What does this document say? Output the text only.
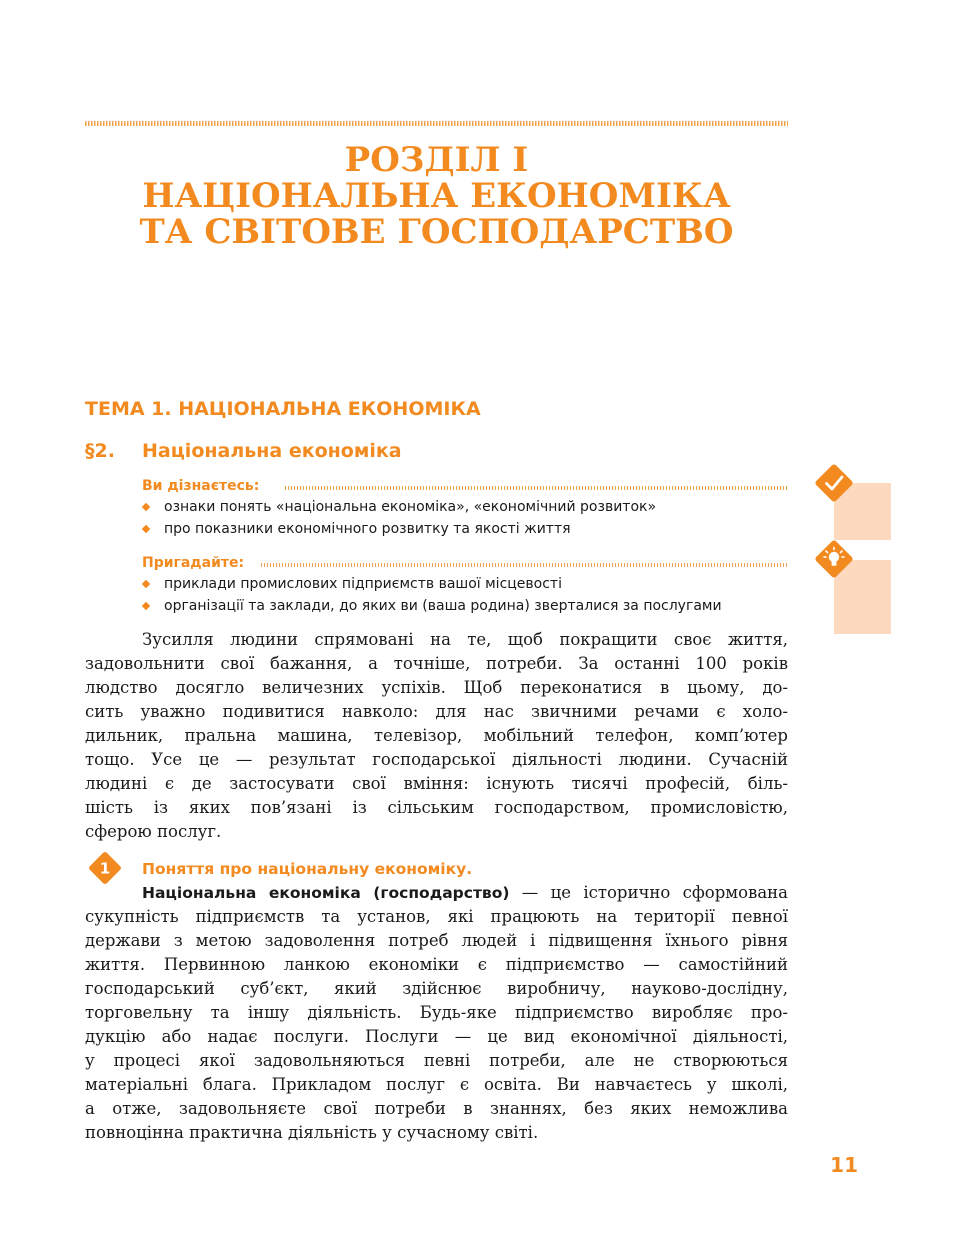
РОЗДІЛ І
НАЦІОНАЛЬНА ЕКОНОМІКА
ТА СВІТОВЕ ГОСПОДАРСТВО
ТЕМА 1. НАЦІОНАЛЬНА ЕКОНОМІКА
§2. Національна економіка
Ви дізнаєтесь:
ознаки понять «національна економіка», «економічний розвиток»
про показники економічного розвитку та якості життя
Пригадайте:
приклади промислових підприємств вашої місцевості
організації та заклади, до яких ви (ваша родина) зверталися за послугами

Зусилля людини спрямовані на те, щоб покращити своє життя,
задовольнити свої бажання, а точніше, потреби. За останні 100 років
людство досягло величезних успіхів. Щоб переконатися в цьому, до-
сить уважно подивитися навколо: для нас звичними речами є холо-
дильник, пральна машина, телевізор, мобільний телефон, комп’ютер
тощо. Усе це — результат господарської діяльності людини. Сучасній
людині є де застосувати свої вміння: існують тисячі професій, біль-
шість із яких пов’язані із сільським господарством, промисловістю,
сферою послуг.

1 Поняття про національну економіку.

Національна економіка (господарство) — це історично сформована
сукупність підприємств та установ, які працюють на території певної
держави з метою задоволення потреб людей і підвищення їхнього рівня
життя. Первинною ланкою економіки є підприємство — самостійний
господарський суб’єкт, який здійснює виробничу, науково-дослідну,
торговельну та іншу діяльність. Будь-яке підприємство виробляє про-
дукцію або надає послуги. Послуги — це вид економічної діяльності,
у процесі якої задовольняються певні потреби, але не створюються
матеріальні блага. Прикладом послуг є освіта. Ви навчаєтесь у школі,
а отже, задовольняєте свої потреби в знаннях, без яких неможлива
повноцінна практична діяльність у сучасному світі.

11
